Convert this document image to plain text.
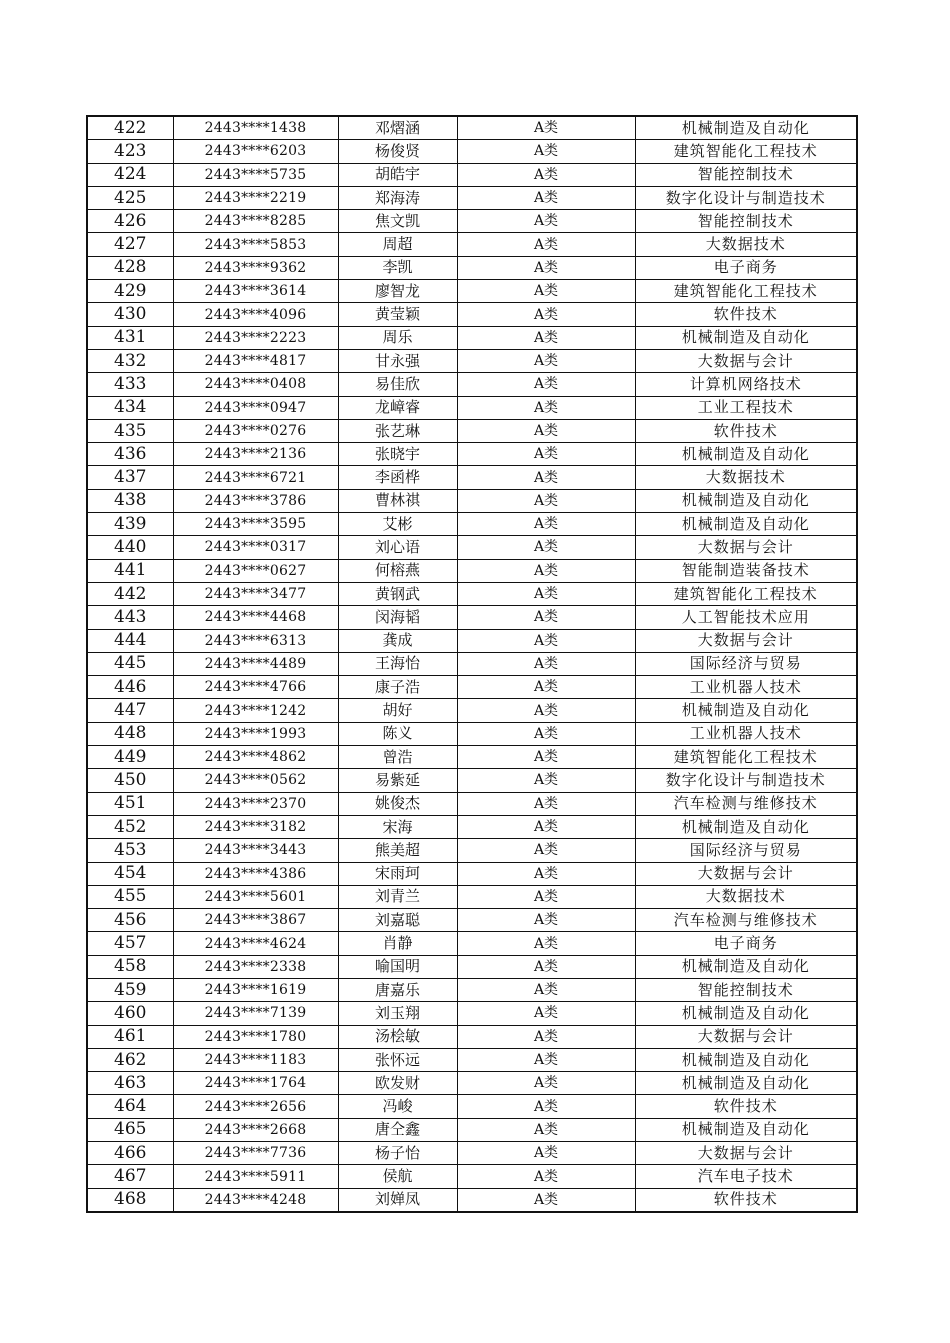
422	2443****1438	邓熠涵	A类	机械制造及自动化
423	2443****6203	杨俊贤	A类	建筑智能化工程技术
424	2443****5735	胡皓宇	A类	智能控制技术
425	2443****2219	郑海涛	A类	数字化设计与制造技术
426	2443****8285	焦文凯	A类	智能控制技术
427	2443****5853	周超	A类	大数据技术
428	2443****9362	李凯	A类	电子商务
429	2443****3614	廖智龙	A类	建筑智能化工程技术
430	2443****4096	黄莹颖	A类	软件技术
431	2443****2223	周乐	A类	机械制造及自动化
432	2443****4817	甘永强	A类	大数据与会计
433	2443****0408	易佳欣	A类	计算机网络技术
434	2443****0947	龙嶂睿	A类	工业工程技术
435	2443****0276	张艺琳	A类	软件技术
436	2443****2136	张晓宇	A类	机械制造及自动化
437	2443****6721	李函桦	A类	大数据技术
438	2443****3786	曹林祺	A类	机械制造及自动化
439	2443****3595	艾彬	A类	机械制造及自动化
440	2443****0317	刘心语	A类	大数据与会计
441	2443****0627	何榕燕	A类	智能制造装备技术
442	2443****3477	黄钢武	A类	建筑智能化工程技术
443	2443****4468	闵海韬	A类	人工智能技术应用
444	2443****6313	龚成	A类	大数据与会计
445	2443****4489	王海怡	A类	国际经济与贸易
446	2443****4766	康子浩	A类	工业机器人技术
447	2443****1242	胡好	A类	机械制造及自动化
448	2443****1993	陈义	A类	工业机器人技术
449	2443****4862	曾浩	A类	建筑智能化工程技术
450	2443****0562	易紫延	A类	数字化设计与制造技术
451	2443****2370	姚俊杰	A类	汽车检测与维修技术
452	2443****3182	宋海	A类	机械制造及自动化
453	2443****3443	熊美超	A类	国际经济与贸易
454	2443****4386	宋雨珂	A类	大数据与会计
455	2443****5601	刘青兰	A类	大数据技术
456	2443****3867	刘嘉聪	A类	汽车检测与维修技术
457	2443****4624	肖静	A类	电子商务
458	2443****2338	喻国明	A类	机械制造及自动化
459	2443****1619	唐嘉乐	A类	智能控制技术
460	2443****7139	刘玉翔	A类	机械制造及自动化
461	2443****1780	汤桧敏	A类	大数据与会计
462	2443****1183	张怀远	A类	机械制造及自动化
463	2443****1764	欧发财	A类	机械制造及自动化
464	2443****2656	冯峻	A类	软件技术
465	2443****2668	唐仝鑫	A类	机械制造及自动化
466	2443****7736	杨子怡	A类	大数据与会计
467	2443****5911	侯航	A类	汽车电子技术
468	2443****4248	刘婵凤	A类	软件技术
